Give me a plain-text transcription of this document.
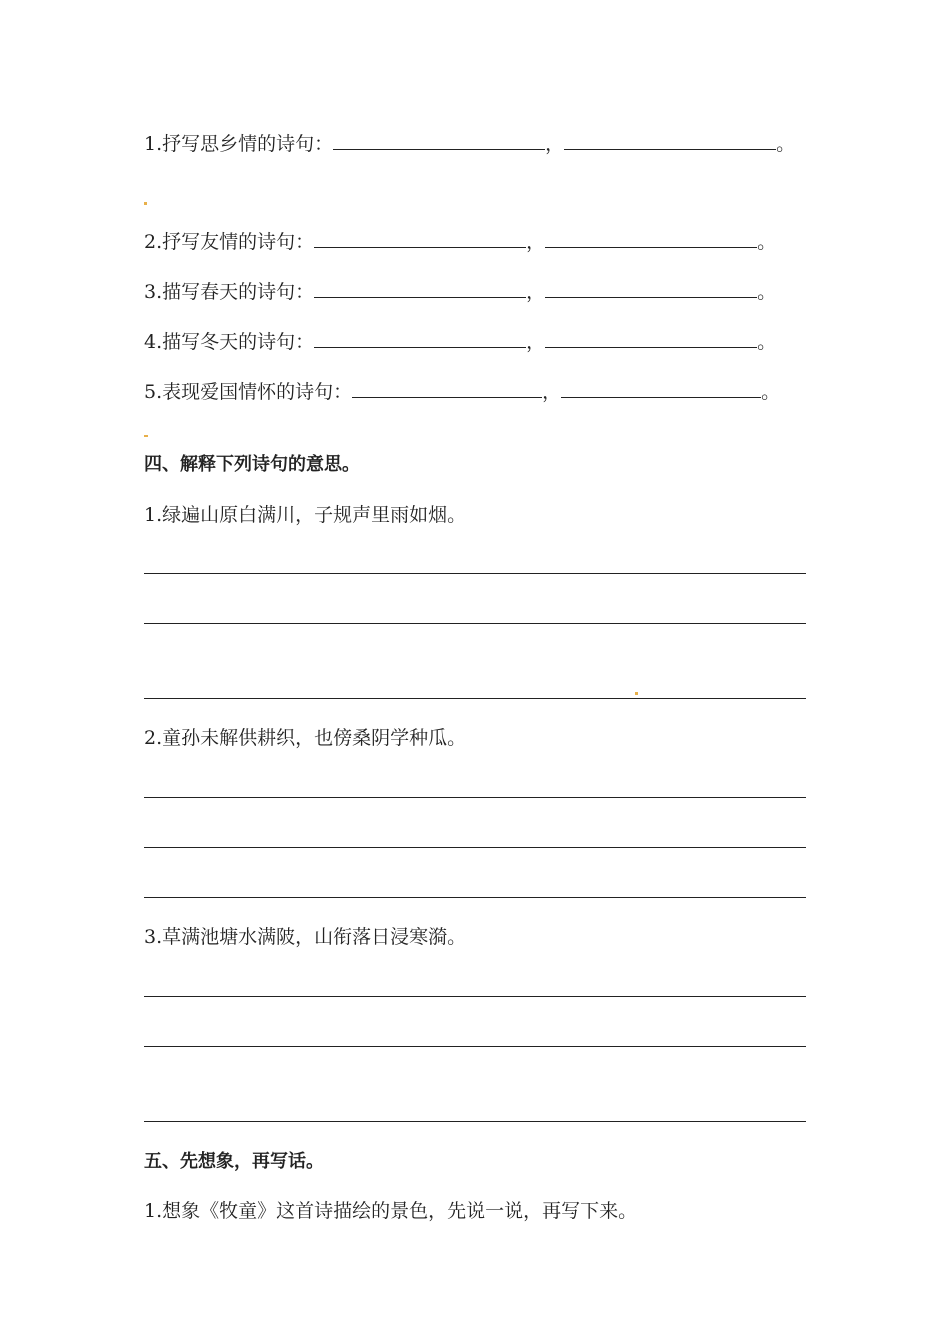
1.抒写思乡情的诗句：	，	。
2.抒写友情的诗句：	，	。
3.描写春天的诗句：	，	。
4.描写冬天的诗句：	，	。
5.表现爱国情怀的诗句：	，	。
四、解释下列诗句的意思。
1.绿遍山原白满川，子规声里雨如烟。
2.童孙未解供耕织，也傍桑阴学种瓜。
3.草满池塘水满陂，山衔落日浸寒漪。
五、先想象，再写话。
1.想象《牧童》这首诗描绘的景色，先说一说，再写下来。
